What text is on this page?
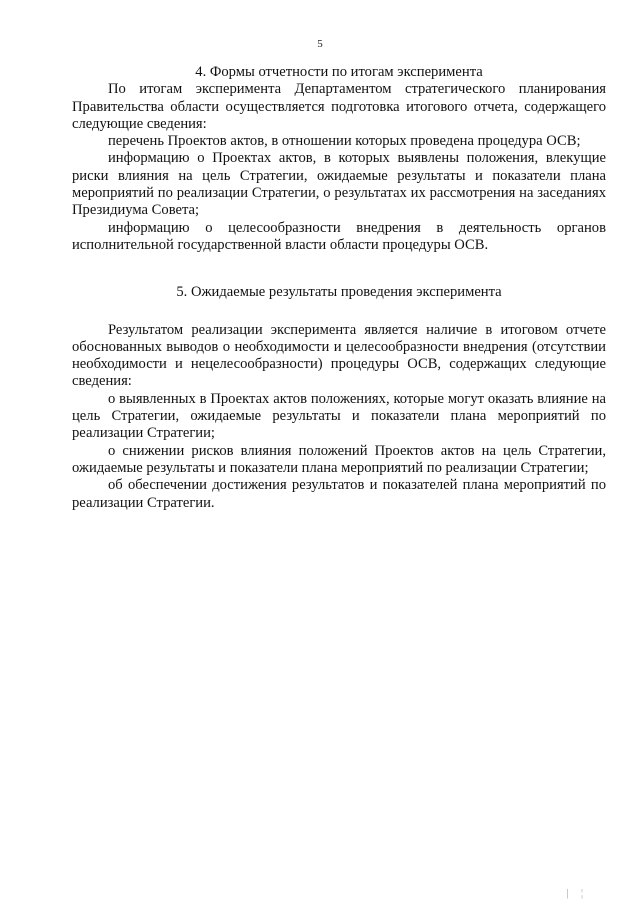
5
4. Формы отчетности по итогам эксперимента

По итогам эксперимента Департаментом стратегического планирования Правительства области осуществляется подготовка итогового отчета, содержащего следующие сведения:

перечень Проектов актов, в отношении которых проведена процедура ОСВ;

информацию о Проектах актов, в которых выявлены положения, влекущие риски влияния на цель Стратегии, ожидаемые результаты и показатели плана мероприятий по реализации Стратегии, о результатах их рассмотрения на заседаниях Президиума Совета;

информацию о целесообразности внедрения в деятельность органов исполнительной государственной власти области процедуры ОСВ.

5. Ожидаемые результаты проведения эксперимента

Результатом реализации эксперимента является наличие в итоговом отчете обоснованных выводов о необходимости и целесообразности внедрения (отсутствии необходимости и нецелесообразности) процедуры ОСВ, содержащих следующие сведения:

о выявленных в Проектах актов положениях, которые могут оказать влияние на цель Стратегии, ожидаемые результаты и показатели плана мероприятий по реализации Стратегии;

о снижении рисков влияния положений Проектов актов на цель Стратегии, ожидаемые результаты и показатели плана мероприятий по реализации Стратегии;

об обеспечении достижения результатов и показателей плана мероприятий по реализации Стратегии.

| ¦
